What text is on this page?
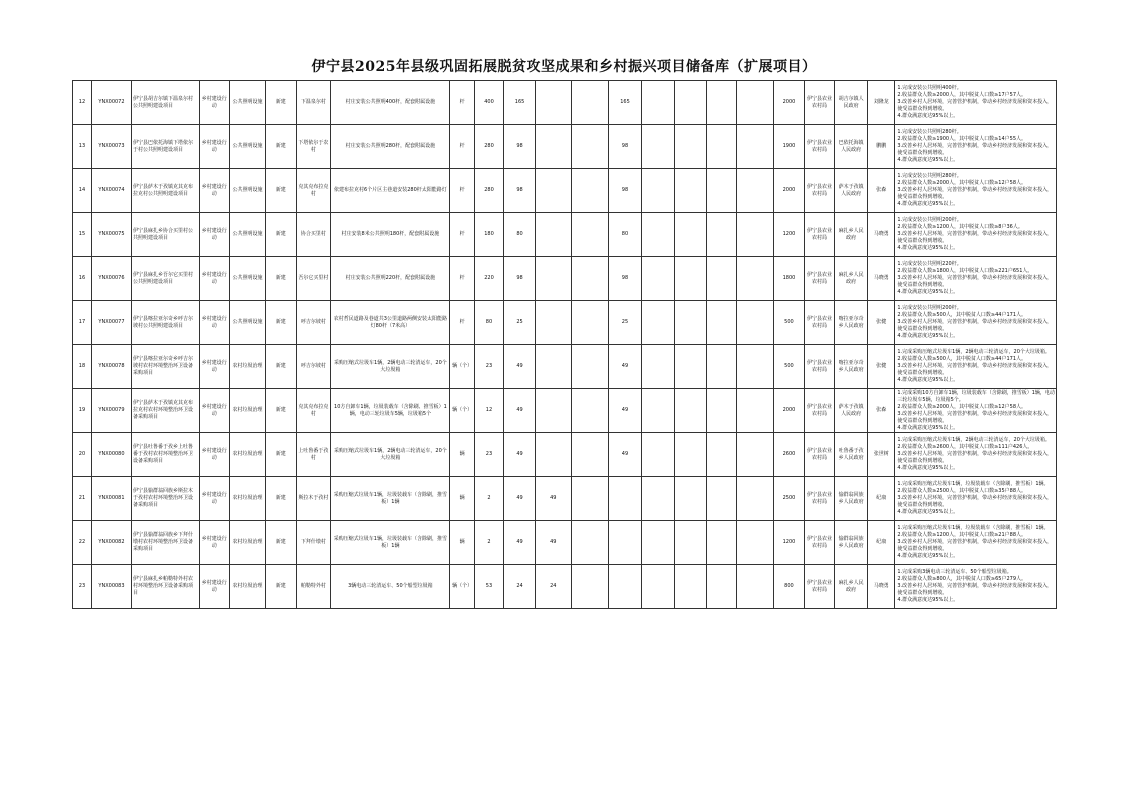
伊宁县2025年县级巩固拓展脱贫攻坚成果和乡村振兴项目储备库（扩展项目）
12	YNX00072	伊宁县胡吉尔镇下温泉尔村公共照明建设项目	乡村建设行动	公共照明设施	新建	下温泉尔村	村庄安装公共照明400杆，配套附属设施	杆	400	165			165					2000	伊宁县农业农村局	胡吉尔镇人民政府	刘隆龙	1.完成安装公共照明400杆。
2.收益群众人数≥2000人，其中脱贫人口数≥17户57人。
3.改善乡村人居环境，完善管护机制，带动乡村经济发展和资本投入，使受益群众得到增收。
4.群众满意度达95%以上。

13	YNX00073	伊宁县巴依托海镇下塔依尔于村公共照明建设项目	乡村建设行动	公共照明设施	新建	下塔依尔于农村	村庄安装公共照明280杆，配套附属设施	杆	280	98			98					1900	伊宁县农业农村局	巴依托海镇人民政府	鹏鹏	1.完成安装公共照明280杆。
2.收益群众人数≥1900人，其中脱贫人口数≥14户55人。
3.改善乡村人居环境，完善管护机制，带动乡村经济发展和资本投入，使受益群众得到增收。
4.群众满意度达95%以上。

14	YNX00074	伊宁县萨木于孜镇克其克布拉克村公共照明建设项目	乡村建设行动	公共照明设施	新建	克其克布拉克村	依建布拉克村6个片区主巷道安装280杆太阳能路灯	杆	280	98			98					2000	伊宁县农业农村局	萨木于孜镇人民政府	张森	1.完成安装公共照明280杆。
2.收益群众人数≥2000人，其中脱贫人口数≥12户58人。
3.改善乡村人居环境，完善管护机制，带动乡村经济发展和资本投入，使受益群众得到增收。
4.群众满意度达95%以上。

15	YNX00075	伊宁县麻扎乡协合买里村公共照明建设项目	乡村建设行动	公共照明设施	新建	协合买里村	村庄安装8米公共照明180杆，配套附属设施	杆	180	80			80					1200	伊宁县农业农村局	麻扎乡人民政府	马晓勇	1.完成安装公共照明200杆。
2.收益群众人数≥1200人，其中脱贫人口数≥8户36人。
3.改善乡村人居环境，完善管护机制，带动乡村经济发展和资本投入，使受益群众得到增收。
4.群众满意度达95%以上。

16	YNX00076	伊宁县麻扎乡吾尔它买里村公共照明建设项目	乡村建设行动	公共照明设施	新建	吾尔它买里村	村庄安装公共照明220杆，配套附属设施	杆	220	98			98					1800	伊宁县农业农村局	麻扎乡人民政府	马晓勇	1.完成安装公共照明220杆。
2.收益群众人数≥1800人，其中脱贫人口数≥221户651人。
3.改善乡村人居环境，完善管护机制，带动乡村经济发展和资本投入，使受益群众得到增收。
4.群众满意度达95%以上。

17	YNX00077	伊宁县喀拉亚尔奇乡呼吉尔坡村公共照明建设项目	乡村建设行动	公共照明设施	新建	呼吉尔坡村	农村哲民道路及巷道共3公里道路两侧安装太阳能路灯80杆（7米高）	杆	80	25			25					500	伊宁县农业农村局	喀拉亚尔奇乡人民政府	张健	1.完成安装公共照明200杆。
2.收益群众人数≥500人，其中脱贫人口数≥44户171人。
3.改善乡村人居环境，完善管护机制，带动乡村经济发展和资本投入，使受益群众得到增收。
4.群众满意度达95%以上。

18	YNX00078	伊宁县喀拉亚尔奇乡呼吉尔坡村农村环境整治环卫设备采购项目	乡村建设行动	农村垃圾治理	新建	呼吉尔坡村	采购压缩式垃圾车1辆，2辆电动三轮清运车，20个大垃圾箱	辆（个）	23	49			49					500	伊宁县农业农村局	喀拉亚尔奇乡人民政府	张健	1.完成采购压缩式垃圾车1辆，2辆电动三轮清运车，20个大垃圾箱。
2.收益群众人数≥500人，其中脱贫人口数≥44户171人。
3.改善乡村人居环境，完善管护机制，带动乡村经济发展和资本投入，使受益群众得到增收。
4.群众满意度达95%以上。

19	YNX00079	伊宁县萨木于孜镇克其克布拉克村农村环境整治环卫设备采购项目	乡村建设行动	农村垃圾治理	新建	克其克布拉克村	10方自卸车1辆，垃圾装载车（含除刷、推雪板）1辆，电动三轮垃圾车5辆，垃圾箱5个	辆（个）	12	49			49					2000	伊宁县农业农村局	萨木于孜镇人民政府	张森	1.完成采购10方自卸车1辆，垃圾装载车（含除刷，推雪板）1辆，电动三轮垃圾车5辆，垃圾箱5个。
2.收益群众人数≥2000人，其中脱贫人口数≥12户58人。
3.改善乡村人居环境，完善管护机制，带动乡村经济发展和资本投入，使受益群众得到增收。
4.群众满意度达95%以上。

20	YNX00080	伊宁县吐鲁番于孜乡上吐鲁番于孜村农村环境整治环卫设备采购项目	乡村建设行动	农村垃圾治理	新建	上吐鲁番于孜村	采购压缩式垃圾车1辆，2辆电动三轮清运车，20个大垃圾箱	辆	23	49			49					2600	伊宁县农业农村局	吐鲁番于孜乡人民政府	张世树	1.完成采购压缩式垃圾车1辆，2辆电动三轮清运车，20个大垃圾箱。
2.收益群众人数≥2600人，其中脱贫人口数≥111户426人。
3.改善乡村人居环境，完善管护机制，带动乡村经济发展和资本投入，使受益群众得到增收。
4.群众满意度达95%以上。

21	YNX00081	伊宁县愉群翁回族乡斯拉木于孜村农村环境整治环卫设备采购项目	乡村建设行动	农村垃圾治理	新建	斯拉木于孜村	采购压缩式垃圾车1辆，垃圾装载车（含除刷，推雪板）1辆	辆	2	49	49							2500	伊宁县农业农村局	愉群翁回族乡人民政府	纪康	1.完成采购压缩式垃圾车1辆，垃圾装载车（含除刷，推雪板）1辆。
2.收益群众人数≥2500人，其中脱贫人口数≥35户88人。
3.改善乡村人居环境，完善管护机制，带动乡村经济发展和资本投入，使受益群众得到增收。
4.群众满意度达95%以上。

22	YNX00082	伊宁县愉群翁回族乡下拜什墩村农村环境整治环卫设备采购项目	乡村建设行动	农村垃圾治理	新建	下拜什墩村	采购压缩式垃圾车1辆，垃圾装载车（含除刷，推雪板）1辆	辆	2	49	49							1200	伊宁县农业农村局	愉群翁回族乡人民政府	纪康	1.完成采购压缩式垃圾车1辆，垃圾装载车（含除刷，推雪板）1辆。
2.收益群众人数≥1200人，其中脱贫人口数≥21户88人。
3.改善乡村人居环境，完善管护机制，带动乡村经济发展和资本投入，使受益群众得到增收。
4.群众满意度达95%以上。

23	YNX00083	伊宁县麻扎乡帕勒特外村农村环境整治环卫设备采购项目	乡村建设行动	农村垃圾治理	新建	帕勒特外村	3辆电动三轮清运车、50个船型垃圾箱	辆（个）	53	24	24							800	伊宁县农业农村局	麻扎乡人民政府	马晓勇	1.完成采购3辆电动三轮清运车、50个船型垃圾箱。
2.收益群众人数≥800人，其中脱贫人口数≥65户279人。
3.改善乡村人居环境，完善管护机制，带动乡村经济发展和资本投入，使受益群众得到增收。
4.群众满意度达95%以上。
